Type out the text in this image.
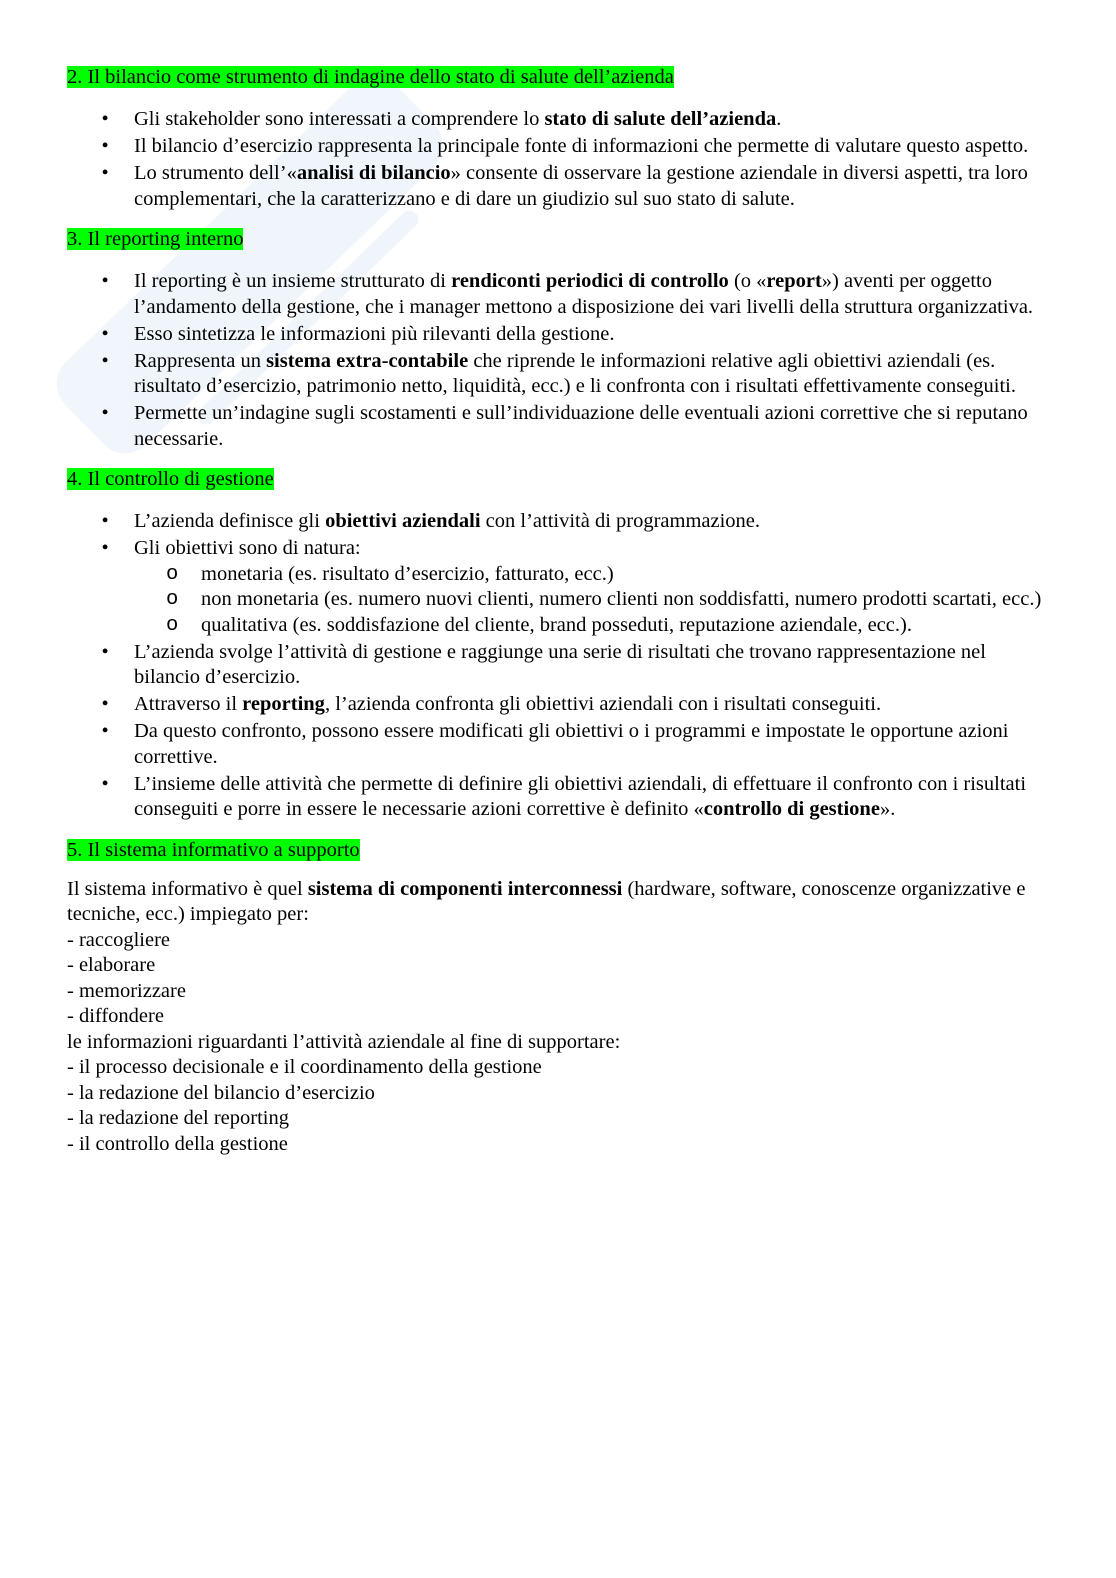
2. Il bilancio come strumento di indagine dello stato di salute dell’azienda
• Gli stakeholder sono interessati a comprendere lo stato di salute dell’azienda.
• Il bilancio d’esercizio rappresenta la principale fonte di informazioni che permette di valutare questo aspetto.
• Lo strumento dell’«analisi di bilancio» consente di osservare la gestione aziendale in diversi aspetti, tra loro complementari, che la caratterizzano e di dare un giudizio sul suo stato di salute.
3. Il reporting interno
• Il reporting è un insieme strutturato di rendiconti periodici di controllo (o «report») aventi per oggetto l’andamento della gestione, che i manager mettono a disposizione dei vari livelli della struttura organizzativa.
• Esso sintetizza le informazioni più rilevanti della gestione.
• Rappresenta un sistema extra-contabile che riprende le informazioni relative agli obiettivi aziendali (es. risultato d’esercizio, patrimonio netto, liquidità, ecc.) e li confronta con i risultati effettivamente conseguiti.
• Permette un’indagine sugli scostamenti e sull’individuazione delle eventuali azioni correttive che si reputano necessarie.
4. Il controllo di gestione
• L’azienda definisce gli obiettivi aziendali con l’attività di programmazione.
• Gli obiettivi sono di natura:
o monetaria (es. risultato d’esercizio, fatturato, ecc.)
o non monetaria (es. numero nuovi clienti, numero clienti non soddisfatti, numero prodotti scartati, ecc.)
o qualitativa (es. soddisfazione del cliente, brand posseduti, reputazione aziendale, ecc.).
• L’azienda svolge l’attività di gestione e raggiunge una serie di risultati che trovano rappresentazione nel bilancio d’esercizio.
• Attraverso il reporting, l’azienda confronta gli obiettivi aziendali con i risultati conseguiti.
• Da questo confronto, possono essere modificati gli obiettivi o i programmi e impostate le opportune azioni correttive.
• L’insieme delle attività che permette di definire gli obiettivi aziendali, di effettuare il confronto con i risultati conseguiti e porre in essere le necessarie azioni correttive è definito «controllo di gestione».
5. Il sistema informativo a supporto
Il sistema informativo è quel sistema di componenti interconnessi (hardware, software, conoscenze organizzative e tecniche, ecc.) impiegato per:
- raccogliere
- elaborare
- memorizzare
- diffondere
le informazioni riguardanti l’attività aziendale al fine di supportare:
- il processo decisionale e il coordinamento della gestione
- la redazione del bilancio d’esercizio
- la redazione del reporting
- il controllo della gestione
